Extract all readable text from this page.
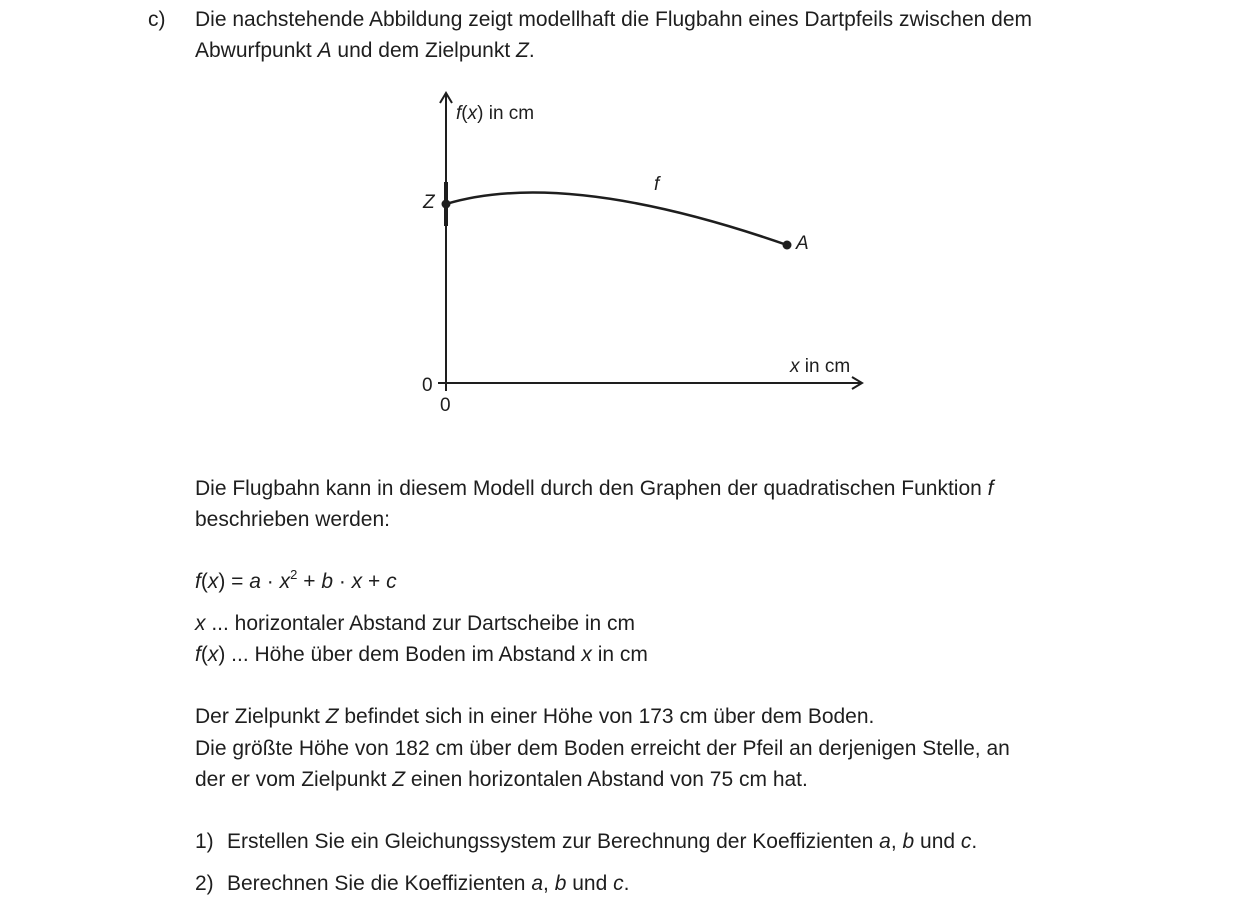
c) Die nachstehende Abbildung zeigt modellhaft die Flugbahn eines Dartpfeils zwischen dem
Abwurfpunkt A und dem Zielpunkt Z.
f(x) in cm
x in cm
0
0
f
Z
A
Die Flugbahn kann in diesem Modell durch den Graphen der quadratischen Funktion f
beschrieben werden:
$f(x) = a \cdot x^2 + b \cdot x + c$
x ... horizontaler Abstand zur Dartscheibe in cm
f(x) ... Höhe über dem Boden im Abstand x in cm
Der Zielpunkt Z befindet sich in einer Höhe von 173 cm über dem Boden.
Die größte Höhe von 182 cm über dem Boden erreicht der Pfeil an derjenigen Stelle, an
der er vom Zielpunkt Z einen horizontalen Abstand von 75 cm hat.
1) Erstellen Sie ein Gleichungssystem zur Berechnung der Koeffizienten a, b und c.
2) Berechnen Sie die Koeffizienten a, b und c.
